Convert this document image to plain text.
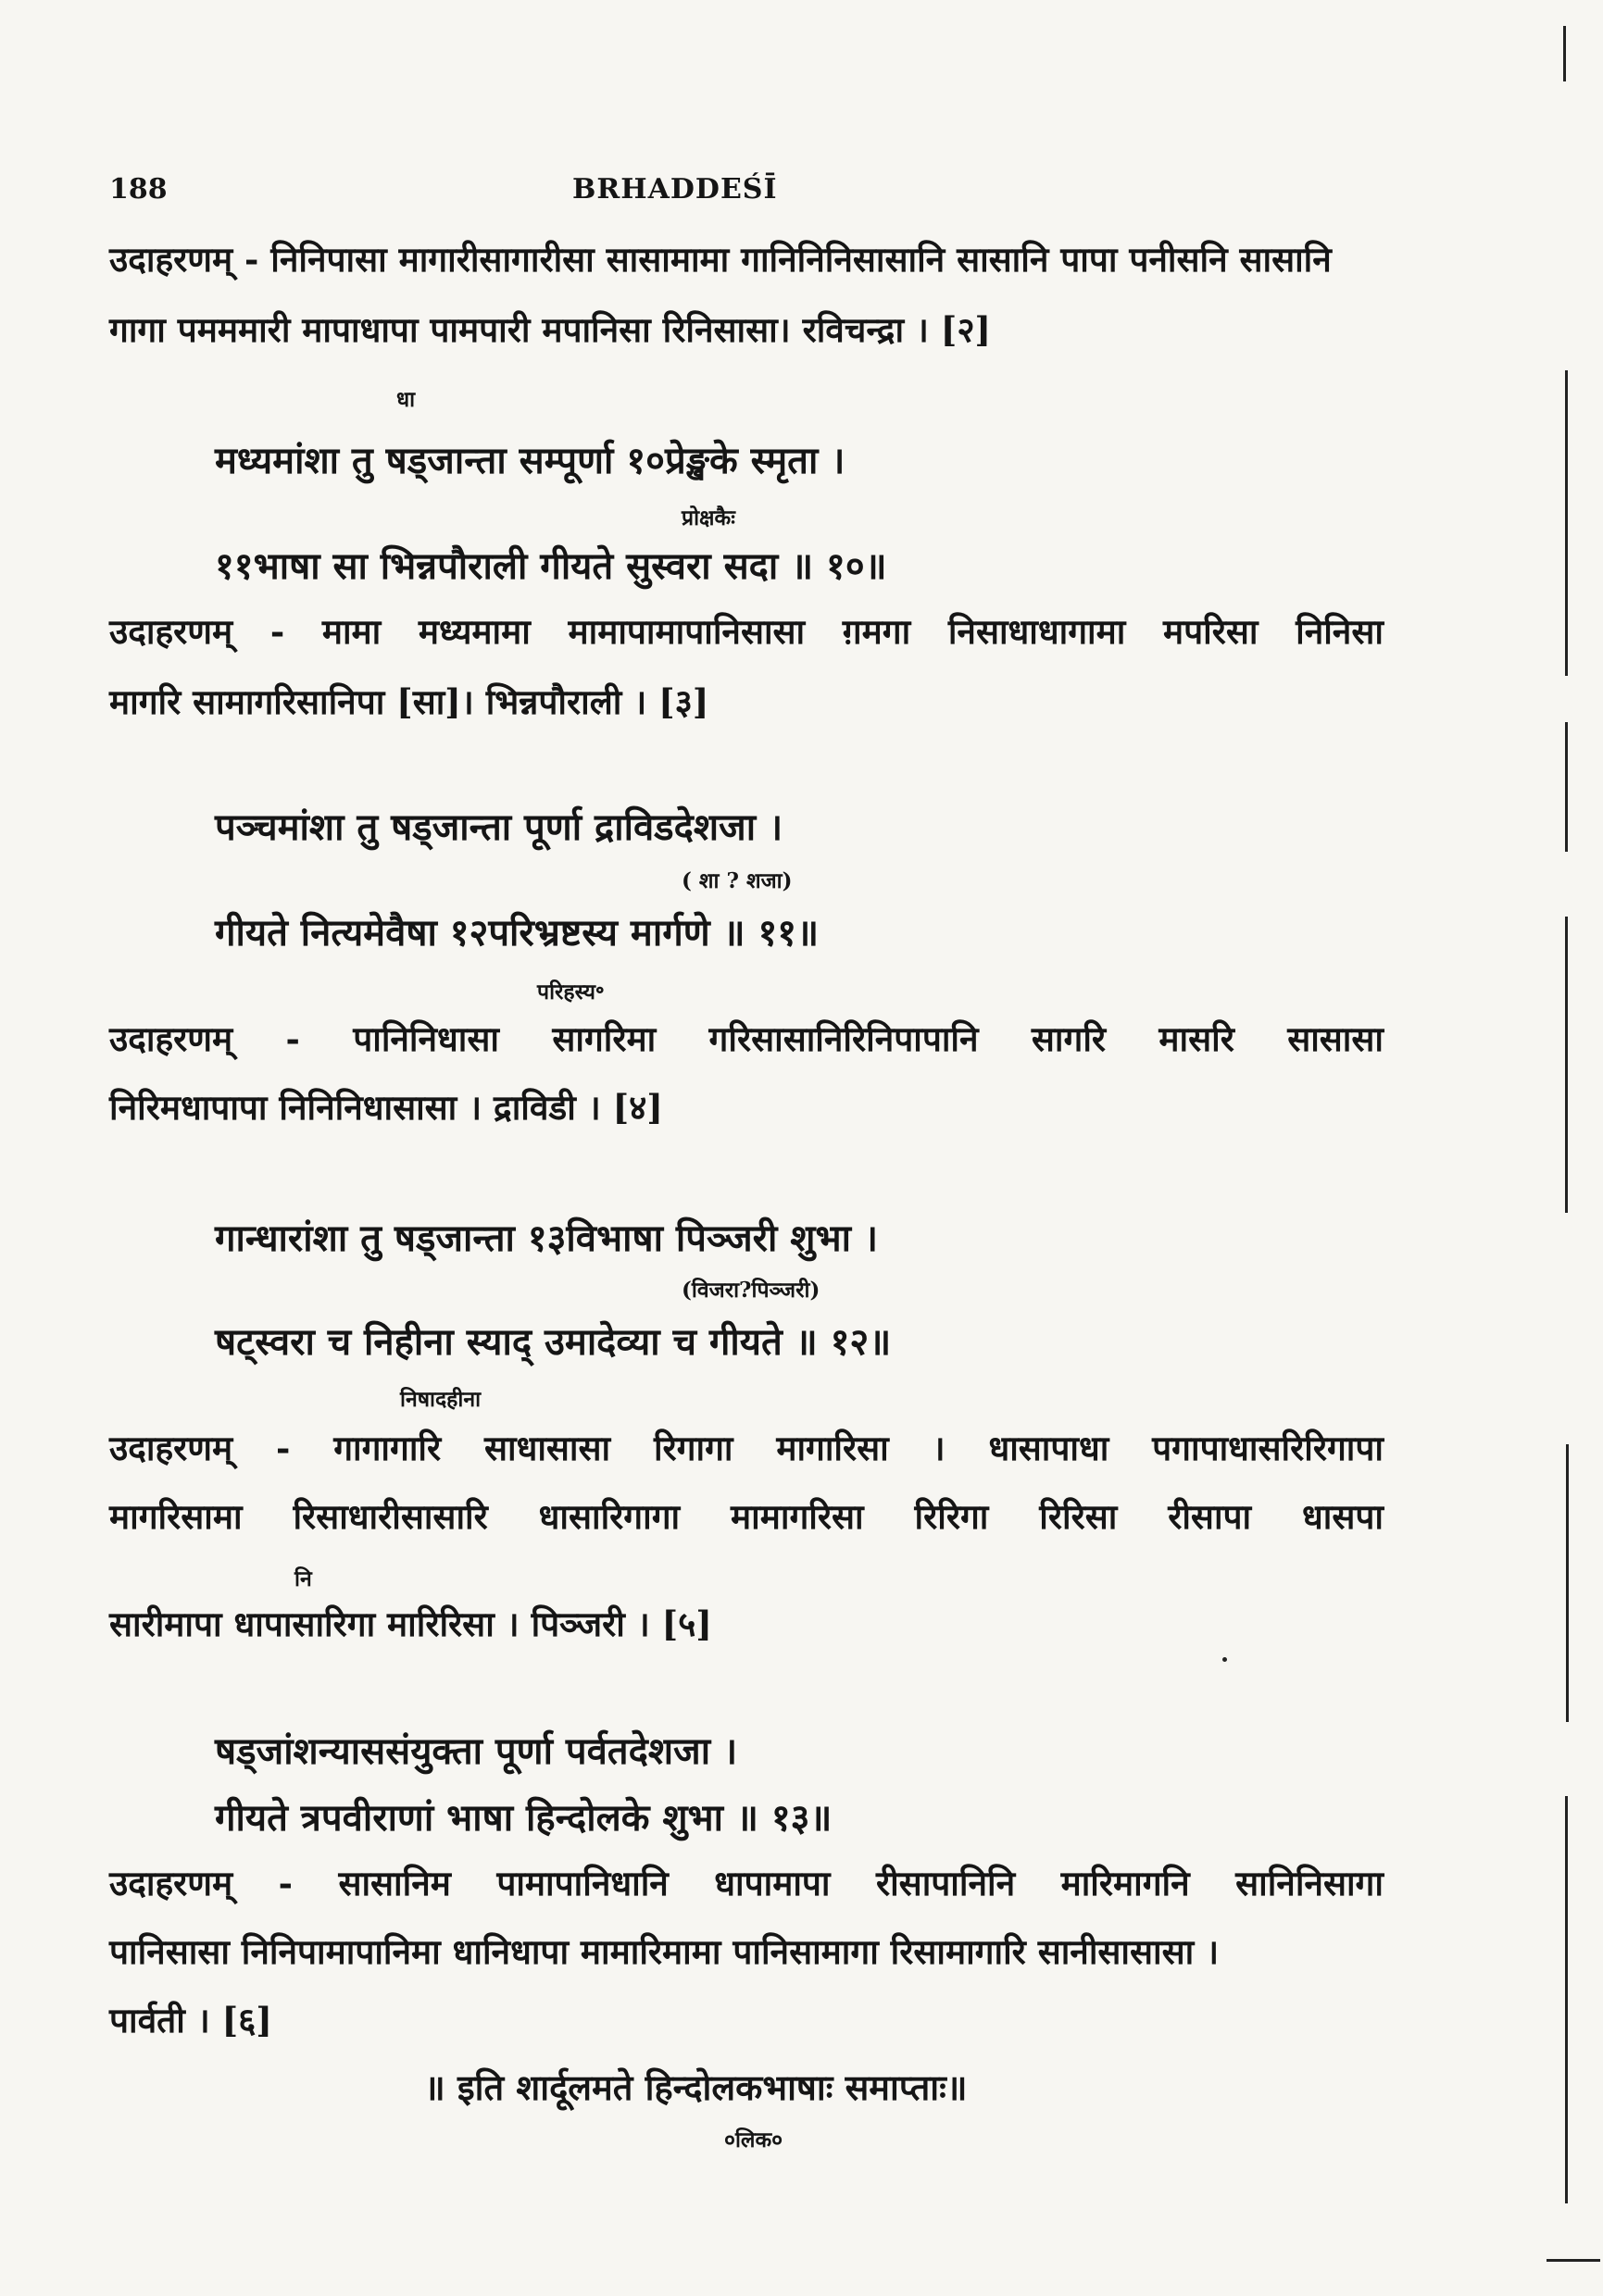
188	BRHADDEŚĪ
उदाहरणम् - निनिपासा मागारीसागारीसा सासामामा गानिनिनिसासानि सासानि पापा पनीसनि सासानि
गागा पमममारी मापाधापा पामपारी मपानिसा रिनिसासा। रविचन्द्रा । [२]
धा
मध्यमांशा तु षड्जान्ता सम्पूर्णा १०प्रेङ्खके स्मृता ।
प्रोक्षकैः
११भाषा सा भिन्नपौराली गीयते सुस्वरा सदा ॥ १०॥
उदाहरणम् - मामा मध्यमामा मामापामापानिसासा ग़मगा निसाधाधागामा मपरिसा निनिसा
मागरि सामागरिसानिपा [सा]। भिन्नपौराली । [३]
पञ्चमांशा तु षड्जान्ता पूर्णा द्राविडदेशजा ।
( शा ? शजा)
गीयते नित्यमेवैषा १२परिभ्रष्टस्य मार्गणे ॥ ११॥
परिहस्य॰
उदाहरणम् - पानिनिधासा सागरिमा गरिसासानिरिनिपापानि सागरि मासरि सासासा
निरिमधापापा निनिनिधासासा । द्राविडी । [४]
गान्धारांशा तु षड्जान्ता १३विभाषा पिञ्जरी शुभा ।
(विजरा?पिञ्जरी)
षट्स्वरा च निहीना स्याद् उमादेव्या च गीयते ॥ १२॥
निषादहीना
उदाहरणम् - गागागारि साधासासा रिगागा मागारिसा । धासापाधा पगापाधासरिरिगापा
मागरिसामा रिसाधारीसासारि धासारिगागा मामागरिसा रिरिगा रिरिसा रीसापा धासपा
नि
सारीमापा धापासारिगा मारिरिसा । पिञ्जरी । [५]
षड्जांशन्याससंयुक्ता पूर्णा पर्वतदेशजा ।
गीयते त्रपवीराणां भाषा हिन्दोलके शुभा ॥ १३॥
उदाहरणम् - सासानिम पामापानिधानि धापामापा रीसापानिनि मारिमागनि सानिनिसागा
पानिसासा निनिपामापानिमा धानिधापा मामारिमामा पानिसामागा रिसामागारि सानीसासासा ।
पार्वती । [६]
॥ इति शार्दूलमते हिन्दोलकभाषाः समाप्ताः॥
०लिक०
